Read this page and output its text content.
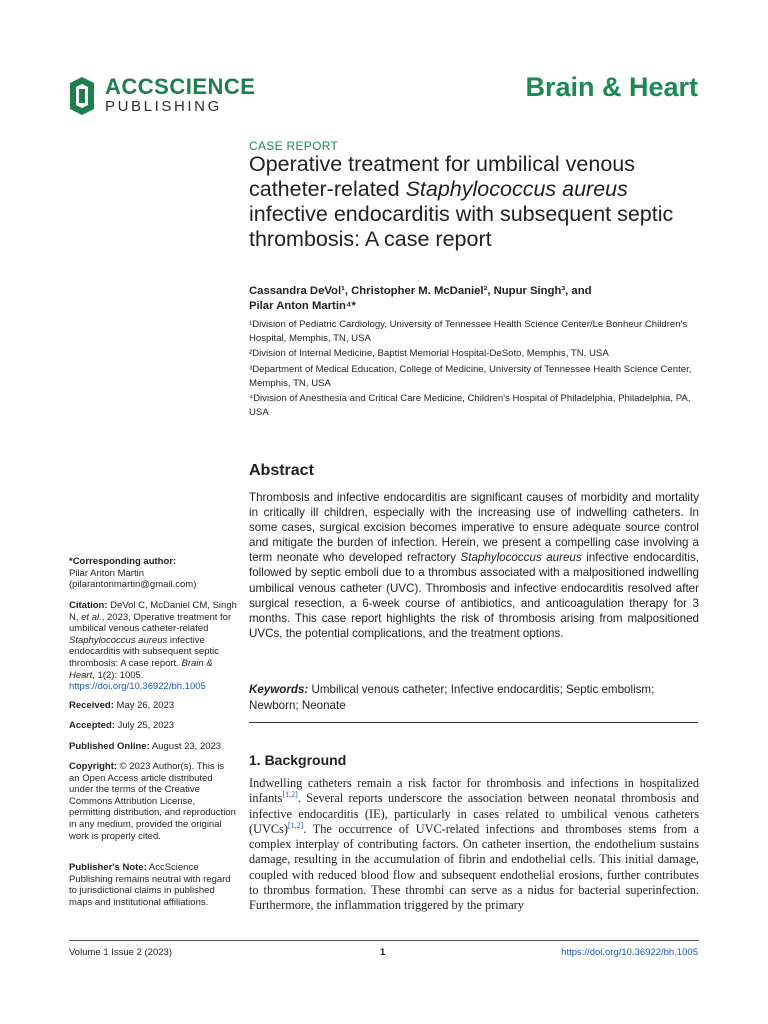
ACCSCIENCE
PUBLISHING
Brain & Heart
CASE REPORT
Operative treatment for umbilical venous catheter-related Staphylococcus aureus infective endocarditis with subsequent septic thrombosis: A case report
Cassandra DeVol¹, Christopher M. McDaniel², Nupur Singh³, and
Pilar Anton Martin⁴*
¹Division of Pediatric Cardiology, University of Tennessee Health Science Center/Le Bonheur Children's Hospital, Memphis, TN, USA
²Division of Internal Medicine, Baptist Memorial Hospital-DeSoto, Memphis, TN, USA
³Department of Medical Education, College of Medicine, University of Tennessee Health Science Center, Memphis, TN, USA
⁴Division of Anesthesia and Critical Care Medicine, Children's Hospital of Philadelphia, Philadelphia, PA, USA
Abstract
Thrombosis and infective endocarditis are significant causes of morbidity and mortality in critically ill children, especially with the increasing use of indwelling catheters. In some cases, surgical excision becomes imperative to ensure adequate source control and mitigate the burden of infection. Herein, we present a compelling case involving a term neonate who developed refractory Staphylococcus aureus infective endocarditis, followed by septic emboli due to a thrombus associated with a malpositioned indwelling umbilical venous catheter (UVC). Thrombosis and infective endocarditis resolved after surgical resection, a 6-week course of antibiotics, and anticoagulation therapy for 3 months. This case report highlights the risk of thrombosis arising from malpositioned UVCs, the potential complications, and the treatment options.
Keywords: Umbilical venous catheter; Infective endocarditis; Septic embolism; Newborn; Neonate
1. Background
Indwelling catheters remain a risk factor for thrombosis and infections in hospitalized infants[1,2]. Several reports underscore the association between neonatal thrombosis and infective endocarditis (IE), particularly in cases related to umbilical venous catheters (UVCs)[1,2]. The occurrence of UVC-related infections and thromboses stems from a complex interplay of contributing factors. On catheter insertion, the endothelium sustains damage, resulting in the accumulation of fibrin and endothelial cells. This initial damage, coupled with reduced blood flow and subsequent endothelial erosions, further contributes to thrombus formation. These thrombi can serve as a nidus for bacterial superinfection. Furthermore, the inflammation triggered by the primary
*Corresponding author:
Pilar Anton Martin
(pilarantonmartin@gmail.com)
Citation: DeVol C, McDaniel CM, Singh N, et al., 2023, Operative treatment for umbilical venous catheter-related Staphylococcus aureus infective endocarditis with subsequent septic thrombosis: A case report. Brain & Heart, 1(2): 1005.
https://doi.org/10.36922/bh.1005
Received: May 26, 2023
Accepted: July 25, 2023
Published Online: August 23, 2023
Copyright: © 2023 Author(s). This is an Open Access article distributed under the terms of the Creative Commons Attribution License, permitting distribution, and reproduction in any medium, provided the original work is properly cited.
Publisher's Note: AccScience Publishing remains neutral with regard to jurisdictional claims in published maps and institutional affiliations.
Volume 1 Issue 2 (2023)	1	https://doi.org/10.36922/bh.1005
